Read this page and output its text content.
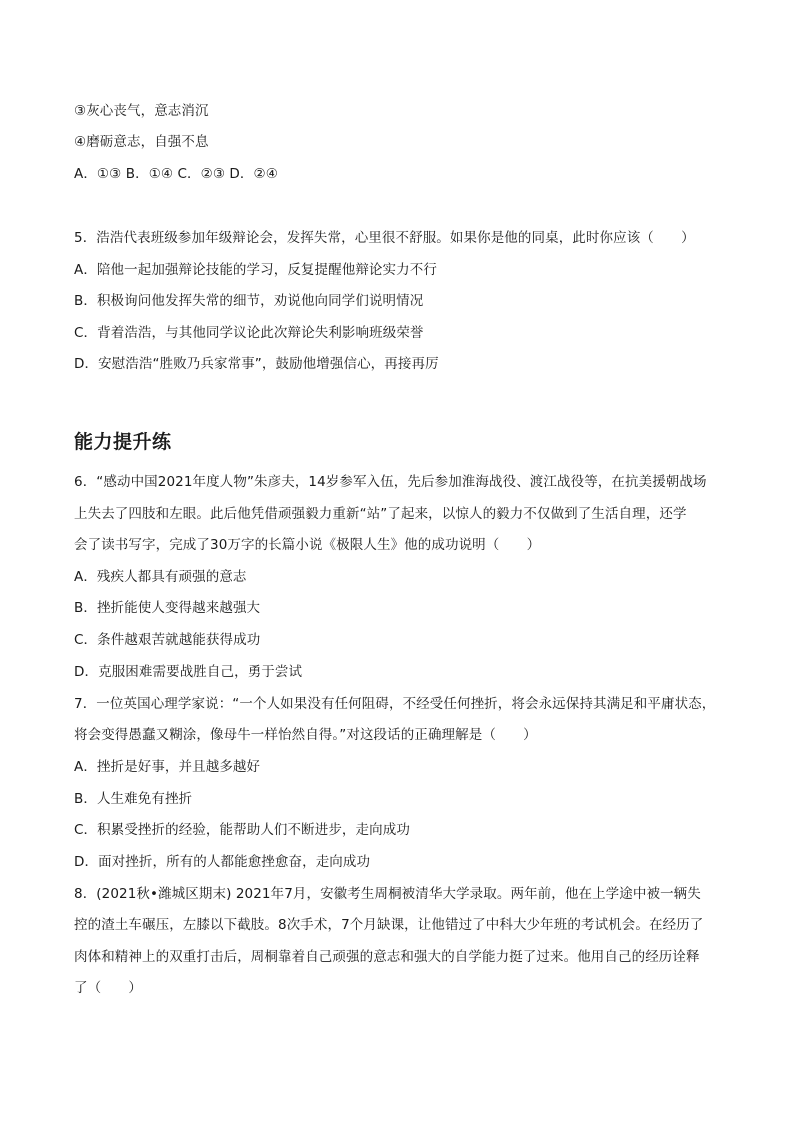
③灰心丧气，意志消沉
④磨砺意志，自强不息
A．①③ B．①④ C．②③ D．②④
5．浩浩代表班级参加年级辩论会，发挥失常，心里很不舒服。如果你是他的同桌，此时你应该（　　）
A．陪他一起加强辩论技能的学习，反复提醒他辩论实力不行
B．积极询问他发挥失常的细节，劝说他向同学们说明情况
C．背着浩浩，与其他同学议论此次辩论失利影响班级荣誉
D．安慰浩浩“胜败乃兵家常事”，鼓励他增强信心，再接再厉
能力提升练
6．“感动中国2021年度人物”朱彦夫，14岁参军入伍，先后参加淮海战役、渡江战役等，在抗美援朝战场
上失去了四肢和左眼。此后他凭借顽强毅力重新“站”了起来，以惊人的毅力不仅做到了生活自理，还学
会了读书写字，完成了30万字的长篇小说《极限人生》他的成功说明（　　）
A．残疾人都具有顽强的意志
B．挫折能使人变得越来越强大
C．条件越艰苦就越能获得成功
D．克服困难需要战胜自己，勇于尝试
7．一位英国心理学家说：“一个人如果没有任何阻碍，不经受任何挫折，将会永远保持其满足和平庸状态，
将会变得愚蠢又糊涂，像母牛一样怡然自得。”对这段话的正确理解是（　　）
A．挫折是好事，并且越多越好
B．人生难免有挫折
C．积累受挫折的经验，能帮助人们不断进步，走向成功
D．面对挫折，所有的人都能愈挫愈奋，走向成功
8．(2021秋•潍城区期末) 2021年7月，安徽考生周桐被清华大学录取。两年前，他在上学途中被一辆失
控的渣土车碾压，左膝以下截肢。8次手术，7个月缺课，让他错过了中科大少年班的考试机会。在经历了
肉体和精神上的双重打击后，周桐靠着自己顽强的意志和强大的自学能力挺了过来。他用自己的经历诠释
了（　　）
